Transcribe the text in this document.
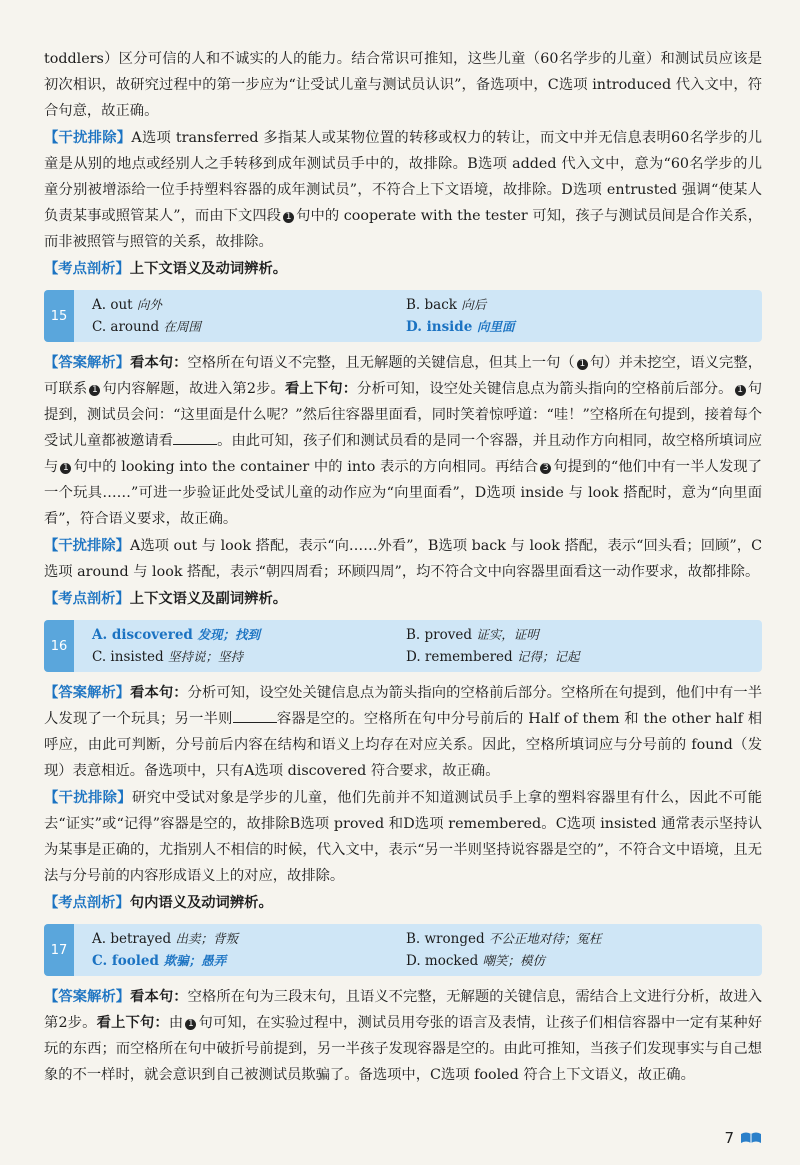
toddlers）区分可信的人和不诚实的人的能力。结合常识可推知，这些儿童（60名学步的儿童）和测试员应该是初次相识，故研究过程中的第一步应为“让受试儿童与测试员认识”，备选项中，C选项 introduced 代入文中，符合句意，故正确。

【干扰排除】A选项 transferred 多指某人或某物位置的转移或权力的转让，而文中并无信息表明60名学步的儿童是从别的地点或经别人之手转移到成年测试员手中的，故排除。B选项 added 代入文中，意为“60名学步的儿童分别被增添给一位手持塑料容器的成年测试员”，不符合上下文语境，故排除。D选项 entrusted 强调“使某人负责某事或照管某人”，而由下文四段 1 句中的 cooperate with the tester 可知，孩子与测试员间是合作关系，而非被照管与照管的关系，故排除。

【考点剖析】上下文语义及动词辨析。

15
A. out 向外	B. back 向后
C. around 在周围	D. inside 向里面

【答案解析】看本句：空格所在句语义不完整，且无解题的关键信息，但其上一句（ 1 句）并未挖空，语义完整，可联系 1 句内容解题，故进入第2步。看上下句：分析可知，设空处关键信息点为箭头指向的空格前后部分。 1 句提到，测试员会问：“这里面是什么呢？”然后往容器里面看，同时笑着惊呼道：“哇！”空格所在句提到，接着每个受试儿童都被邀请看	。由此可知，孩子们和测试员看的是同一个容器，并且动作方向相同，故空格所填词应与 1 句中的 looking into the container 中的 into 表示的方向相同。再结合 3 句提到的“他们中有一半人发现了一个玩具……”可进一步验证此处受试儿童的动作应为“向里面看”，D选项 inside 与 look 搭配时，意为“向里面看”，符合语义要求，故正确。

【干扰排除】A选项 out 与 look 搭配，表示“向……外看”，B选项 back 与 look 搭配，表示“回头看；回顾”，C选项 around 与 look 搭配，表示“朝四周看；环顾四周”，均不符合文中向容器里面看这一动作要求，故都排除。

【考点剖析】上下文语义及副词辨析。

16
A. discovered 发现；找到	B. proved 证实，证明
C. insisted 坚持说；坚持	D. remembered 记得；记起

【答案解析】看本句：分析可知，设空处关键信息点为箭头指向的空格前后部分。空格所在句提到，他们中有一半人发现了一个玩具；另一半则	容器是空的。空格所在句中分号前后的 Half of them 和 the other half 相呼应，由此可判断，分号前后内容在结构和语义上均存在对应关系。因此，空格所填词应与分号前的 found（发现）表意相近。备选项中，只有A选项 discovered 符合要求，故正确。

【干扰排除】研究中受试对象是学步的儿童，他们先前并不知道测试员手上拿的塑料容器里有什么，因此不可能去“证实”或“记得”容器是空的，故排除B选项 proved 和D选项 remembered。C选项 insisted 通常表示坚持认为某事是正确的，尤指别人不相信的时候，代入文中，表示“另一半则坚持说容器是空的”，不符合文中语境，且无法与分号前的内容形成语义上的对应，故排除。

【考点剖析】句内语义及动词辨析。

17
A. betrayed 出卖；背叛	B. wronged 不公正地对待；冤枉
C. fooled 欺骗；愚弄	D. mocked 嘲笑；模仿

【答案解析】看本句：空格所在句为三段末句，且语义不完整，无解题的关键信息，需结合上文进行分析，故进入第2步。看上下句：由 1 句可知，在实验过程中，测试员用夸张的语言及表情，让孩子们相信容器中一定有某种好玩的东西；而空格所在句中破折号前提到，另一半孩子发现容器是空的。由此可推知，当孩子们发现事实与自己想象的不一样时，就会意识到自己被测试员欺骗了。备选项中，C选项 fooled 符合上下文语义，故正确。

7
